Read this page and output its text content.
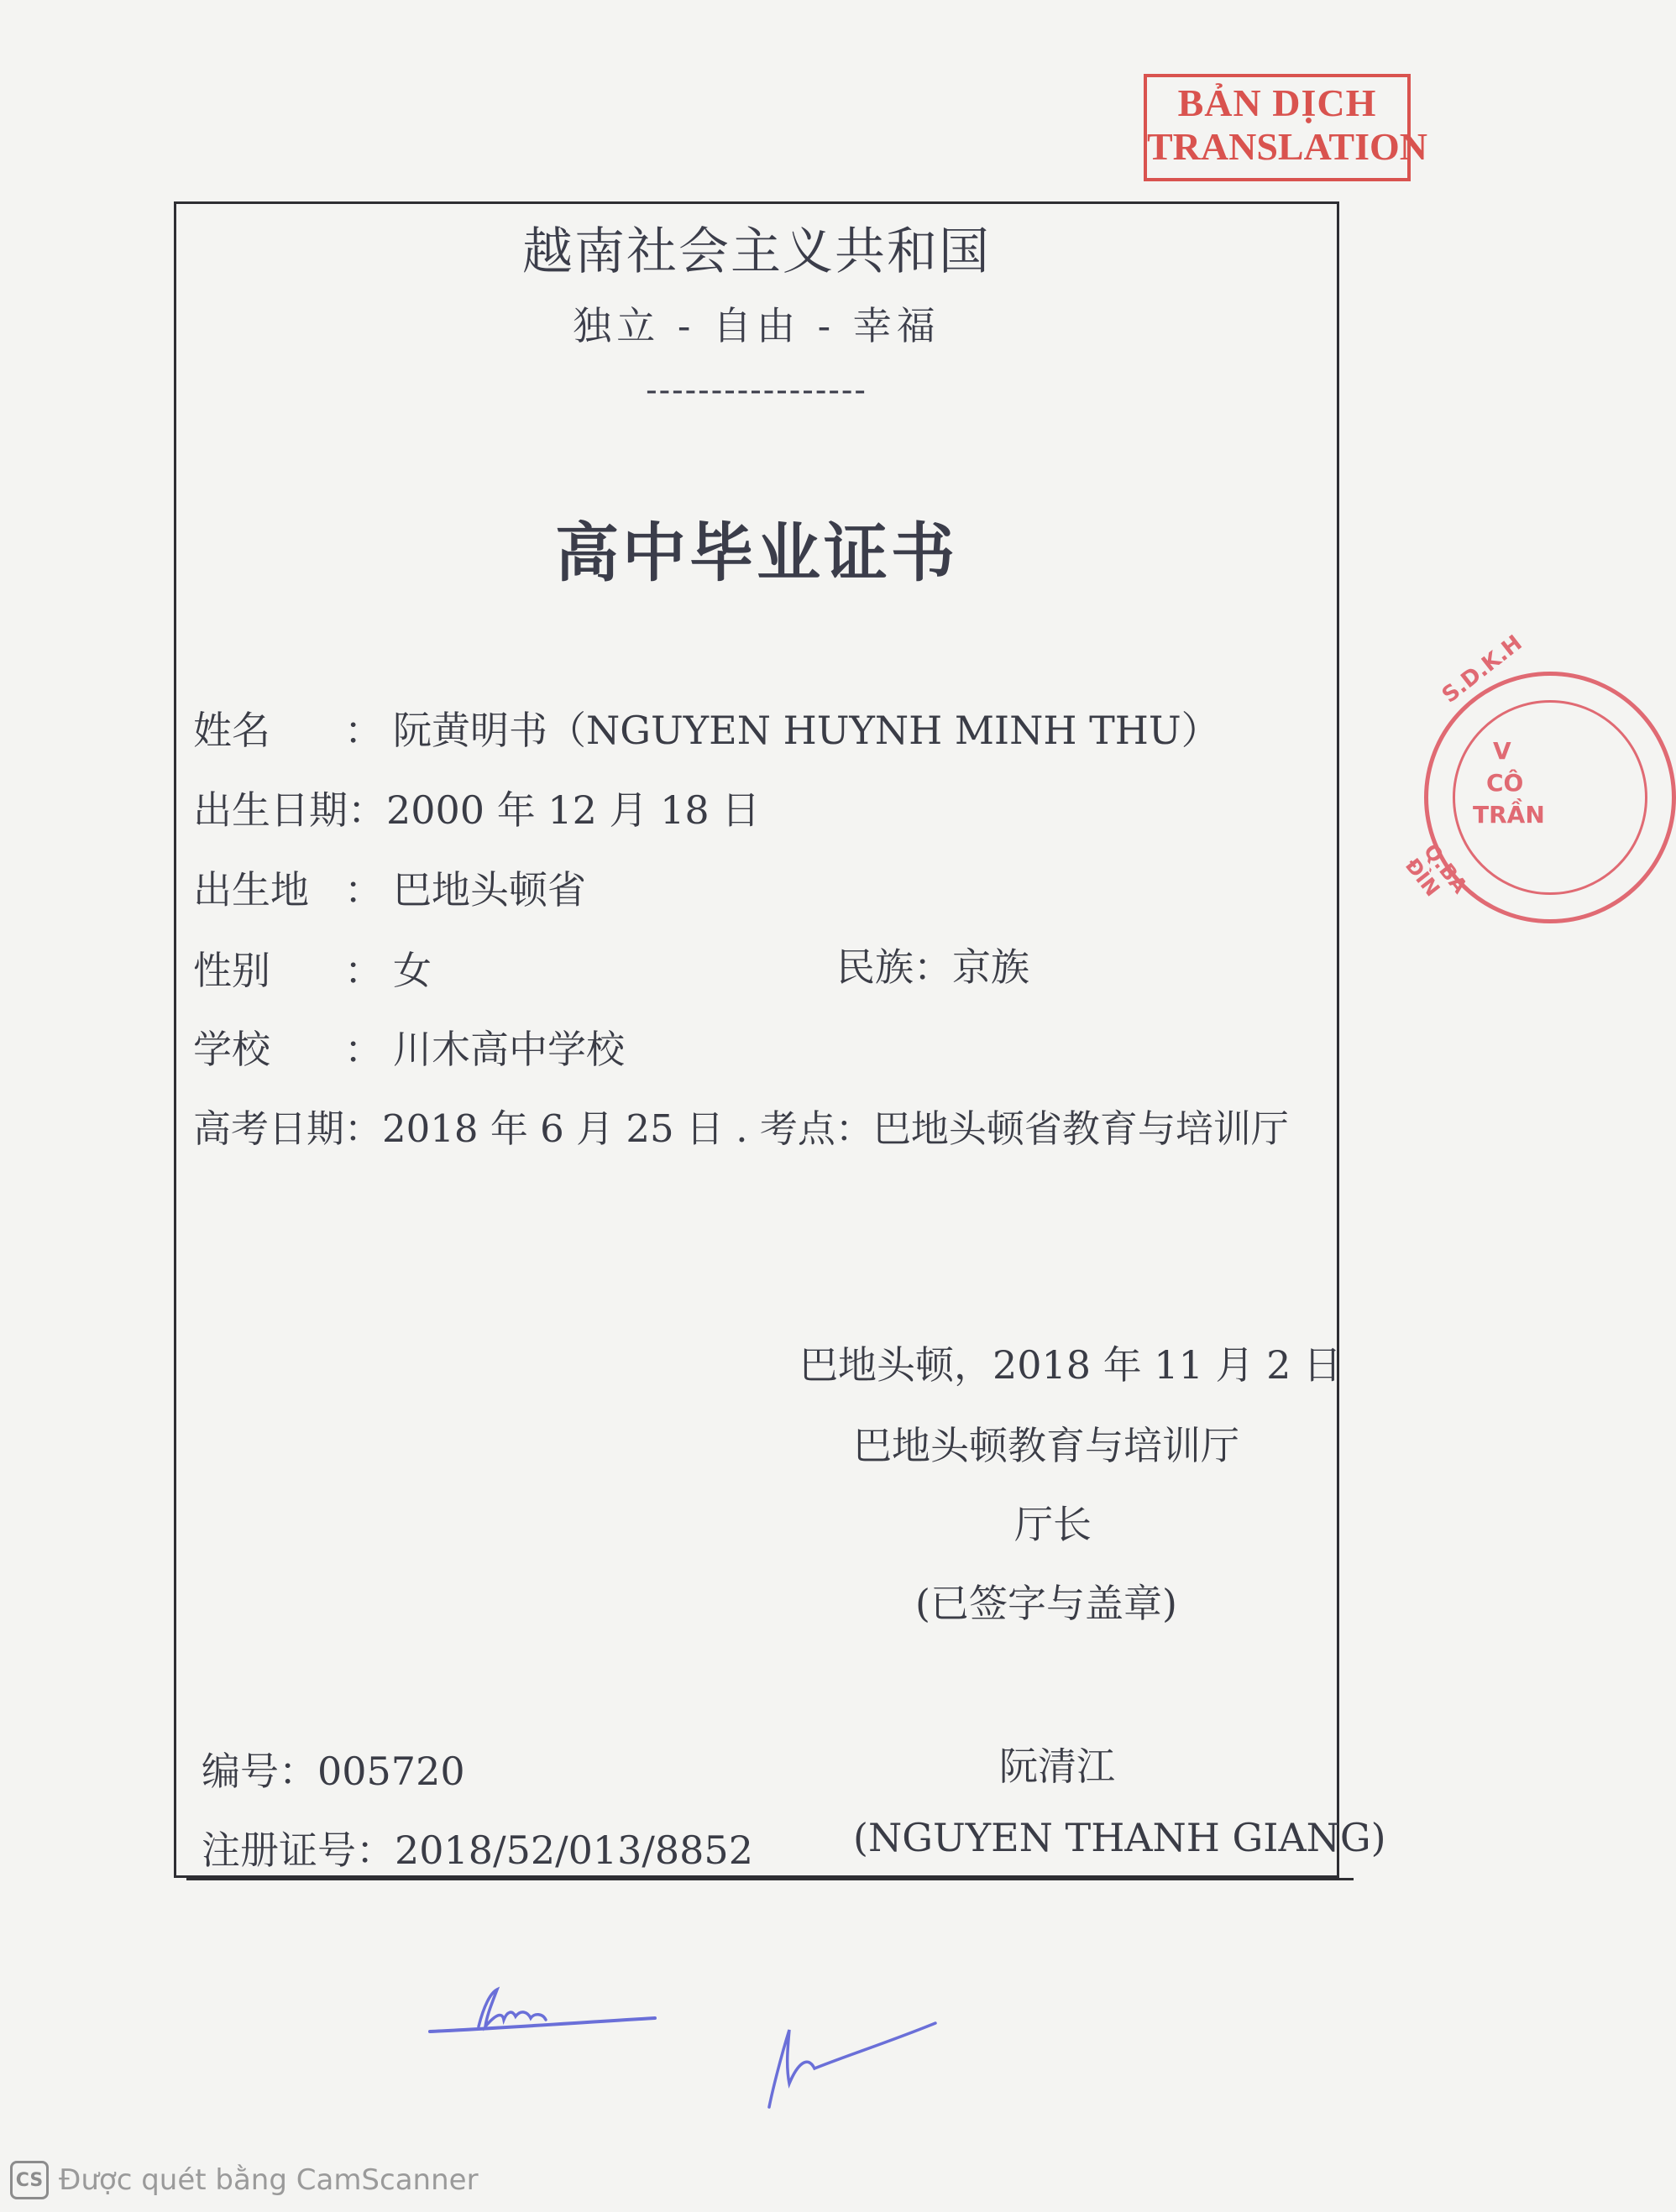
BẢN DỊCH
TRANSLATION
越南社会主义共和国
独立 - 自由 - 幸福
-----------------
高中毕业证书
姓名 ： 阮黄明书（NGUYEN HUYNH MINH THU）
出生日期：2000 年 12 月 18 日
出生地 ： 巴地头顿省
性别 ： 女	民族：京族
学校 ： 川木高中学校
高考日期：2018 年 6 月 25 日 . 考点：巴地头顿省教育与培训厅
巴地头顿，2018 年 11 月 2 日
巴地头顿教育与培训厅
厅长
(已签字与盖章)
阮清江
(NGUYEN THANH GIANG)
编号：005720
注册证号：2018/52/013/8852
S.D.K.H
V
CÔ
TRẦN
Q.BA ĐÌN
CS Được quét bằng CamScanner
